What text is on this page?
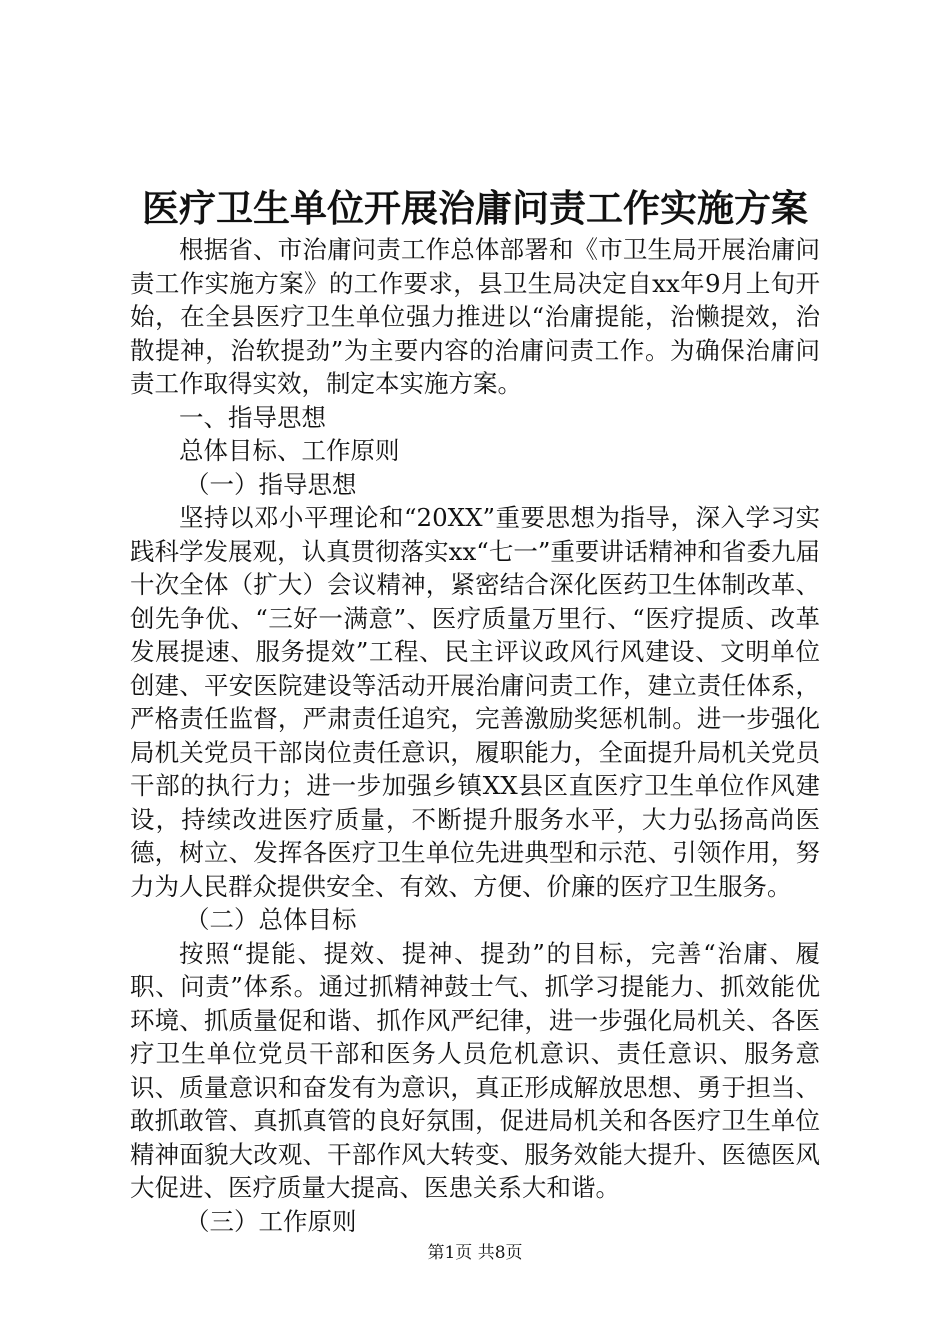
医疗卫生单位开展治庸问责工作实施方案

根据省、市治庸问责工作总体部署和《市卫生局开展治庸问责工作实施方案》的工作要求，县卫生局决定自xx年9月上旬开始，在全县医疗卫生单位强力推进以“治庸提能，治懒提效，治散提神，治软提劲”为主要内容的治庸问责工作。为确保治庸问责工作取得实效，制定本实施方案。

一、指导思想

总体目标、工作原则

（一）指导思想

坚持以邓小平理论和“20XX”重要思想为指导，深入学习实践科学发展观，认真贯彻落实xx“七一”重要讲话精神和省委九届十次全体（扩大）会议精神，紧密结合深化医药卫生体制改革、创先争优、“三好一满意”、医疗质量万里行、“医疗提质、改革发展提速、服务提效”工程、民主评议政风行风建设、文明单位创建、平安医院建设等活动开展治庸问责工作，建立责任体系，严格责任监督，严肃责任追究，完善激励奖惩机制。进一步强化局机关党员干部岗位责任意识，履职能力，全面提升局机关党员干部的执行力；进一步加强乡镇XX县区直医疗卫生单位作风建设，持续改进医疗质量，不断提升服务水平，大力弘扬高尚医德，树立、发挥各医疗卫生单位先进典型和示范、引领作用，努力为人民群众提供安全、有效、方便、价廉的医疗卫生服务。

（二）总体目标

按照“提能、提效、提神、提劲”的目标，完善“治庸、履职、问责”体系。通过抓精神鼓士气、抓学习提能力、抓效能优环境、抓质量促和谐、抓作风严纪律，进一步强化局机关、各医疗卫生单位党员干部和医务人员危机意识、责任意识、服务意识、质量意识和奋发有为意识，真正形成解放思想、勇于担当、敢抓敢管、真抓真管的良好氛围，促进局机关和各医疗卫生单位精神面貌大改观、干部作风大转变、服务效能大提升、医德医风大促进、医疗质量大提高、医患关系大和谐。

（三）工作原则

第1页 共8页
